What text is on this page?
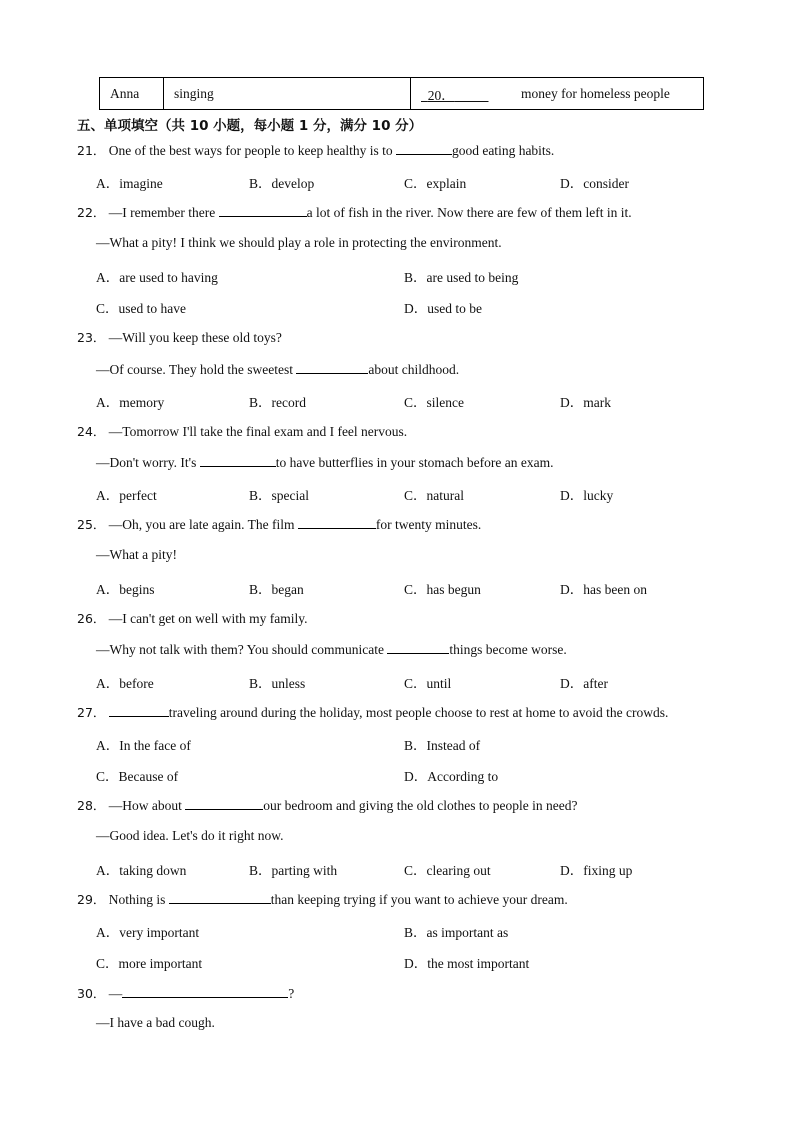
Anna	singing	20．	money for homeless people
五、单项填空（共 10 小题，每小题 1 分，满分 10 分）
21． One of the best ways for people to keep healthy is to	good eating habits.
A．imagine	B．develop	C．explain	D．consider
22． —I remember there	a lot of fish in the river. Now there are few of them left in it.
—What a pity! I think we should play a role in protecting the environment.
A．are used to having	B．are used to being
C．used to have	D．used to be
23． —Will you keep these old toys?
—Of course. They hold the sweetest	about childhood.
A．memory	B．record	C．silence	D．mark
24． —Tomorrow I'll take the final exam and I feel nervous.
—Don't worry. It's	to have butterflies in your stomach before an exam.
A．perfect	B．special	C．natural	D．lucky
25． —Oh, you are late again. The film	for twenty minutes.
—What a pity!
A．begins	B．began	C．has begun	D．has been on
26． —I can't get on well with my family.
—Why not talk with them? You should communicate	things become worse.
A．before	B．unless	C．until	D．after
27．	traveling around during the holiday, most people choose to rest at home to avoid the crowds.
A．In the face of	B．Instead of
C．Because of	D．According to
28． —How about	our bedroom and giving the old clothes to people in need?
—Good idea. Let's do it right now.
A．taking down	B．parting with	C．clearing out	D．fixing up
29． Nothing is	than keeping trying if you want to achieve your dream.
A．very important	B．as important as
C．more important	D．the most important
30． —	?
—I have a bad cough.
